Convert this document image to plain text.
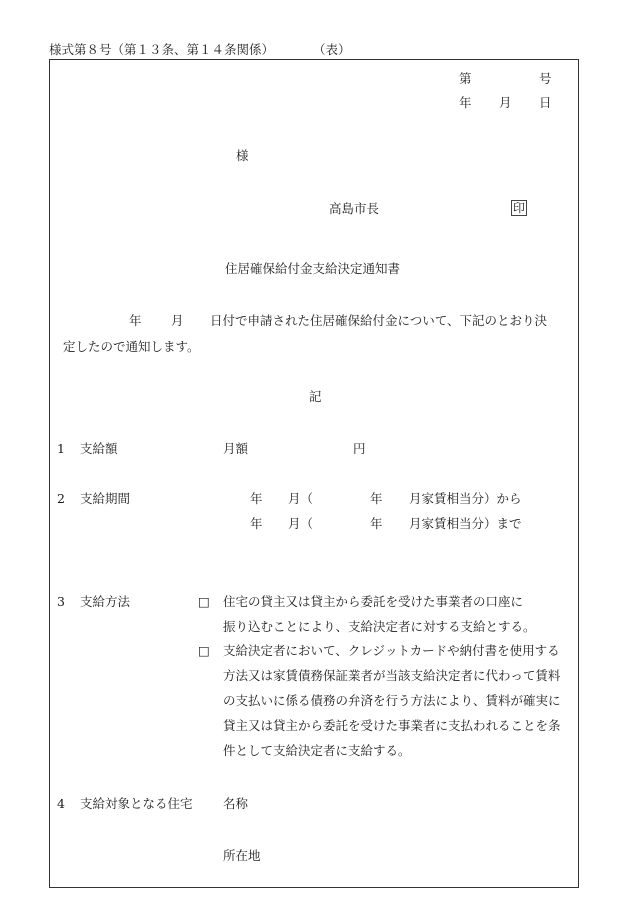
様式第８号（第１３条、第１４条関係）	（表）
第	号
年 月 日
様
高島市長	印
住居確保給付金支給決定通知書
年 月 日付で申請された住居確保給付金について、下記のとおり決
定したので通知します。
記
1 支給額	月額	円
2 支給期間	年 月（	年 月家賃相当分）から
年 月（	年 月家賃相当分）まで
3 支給方法	□ 住宅の貸主又は貸主から委託を受けた事業者の口座に
振り込むことにより、支給決定者に対する支給とする。
□ 支給決定者において、クレジットカードや納付書を使用する
方法又は家賃債務保証業者が当該支給決定者に代わって賃料
の支払いに係る債務の弁済を行う方法により、賃料が確実に
貸主又は貸主から委託を受けた事業者に支払われることを条
件として支給決定者に支給する。
4 支給対象となる住宅 名称
所在地
